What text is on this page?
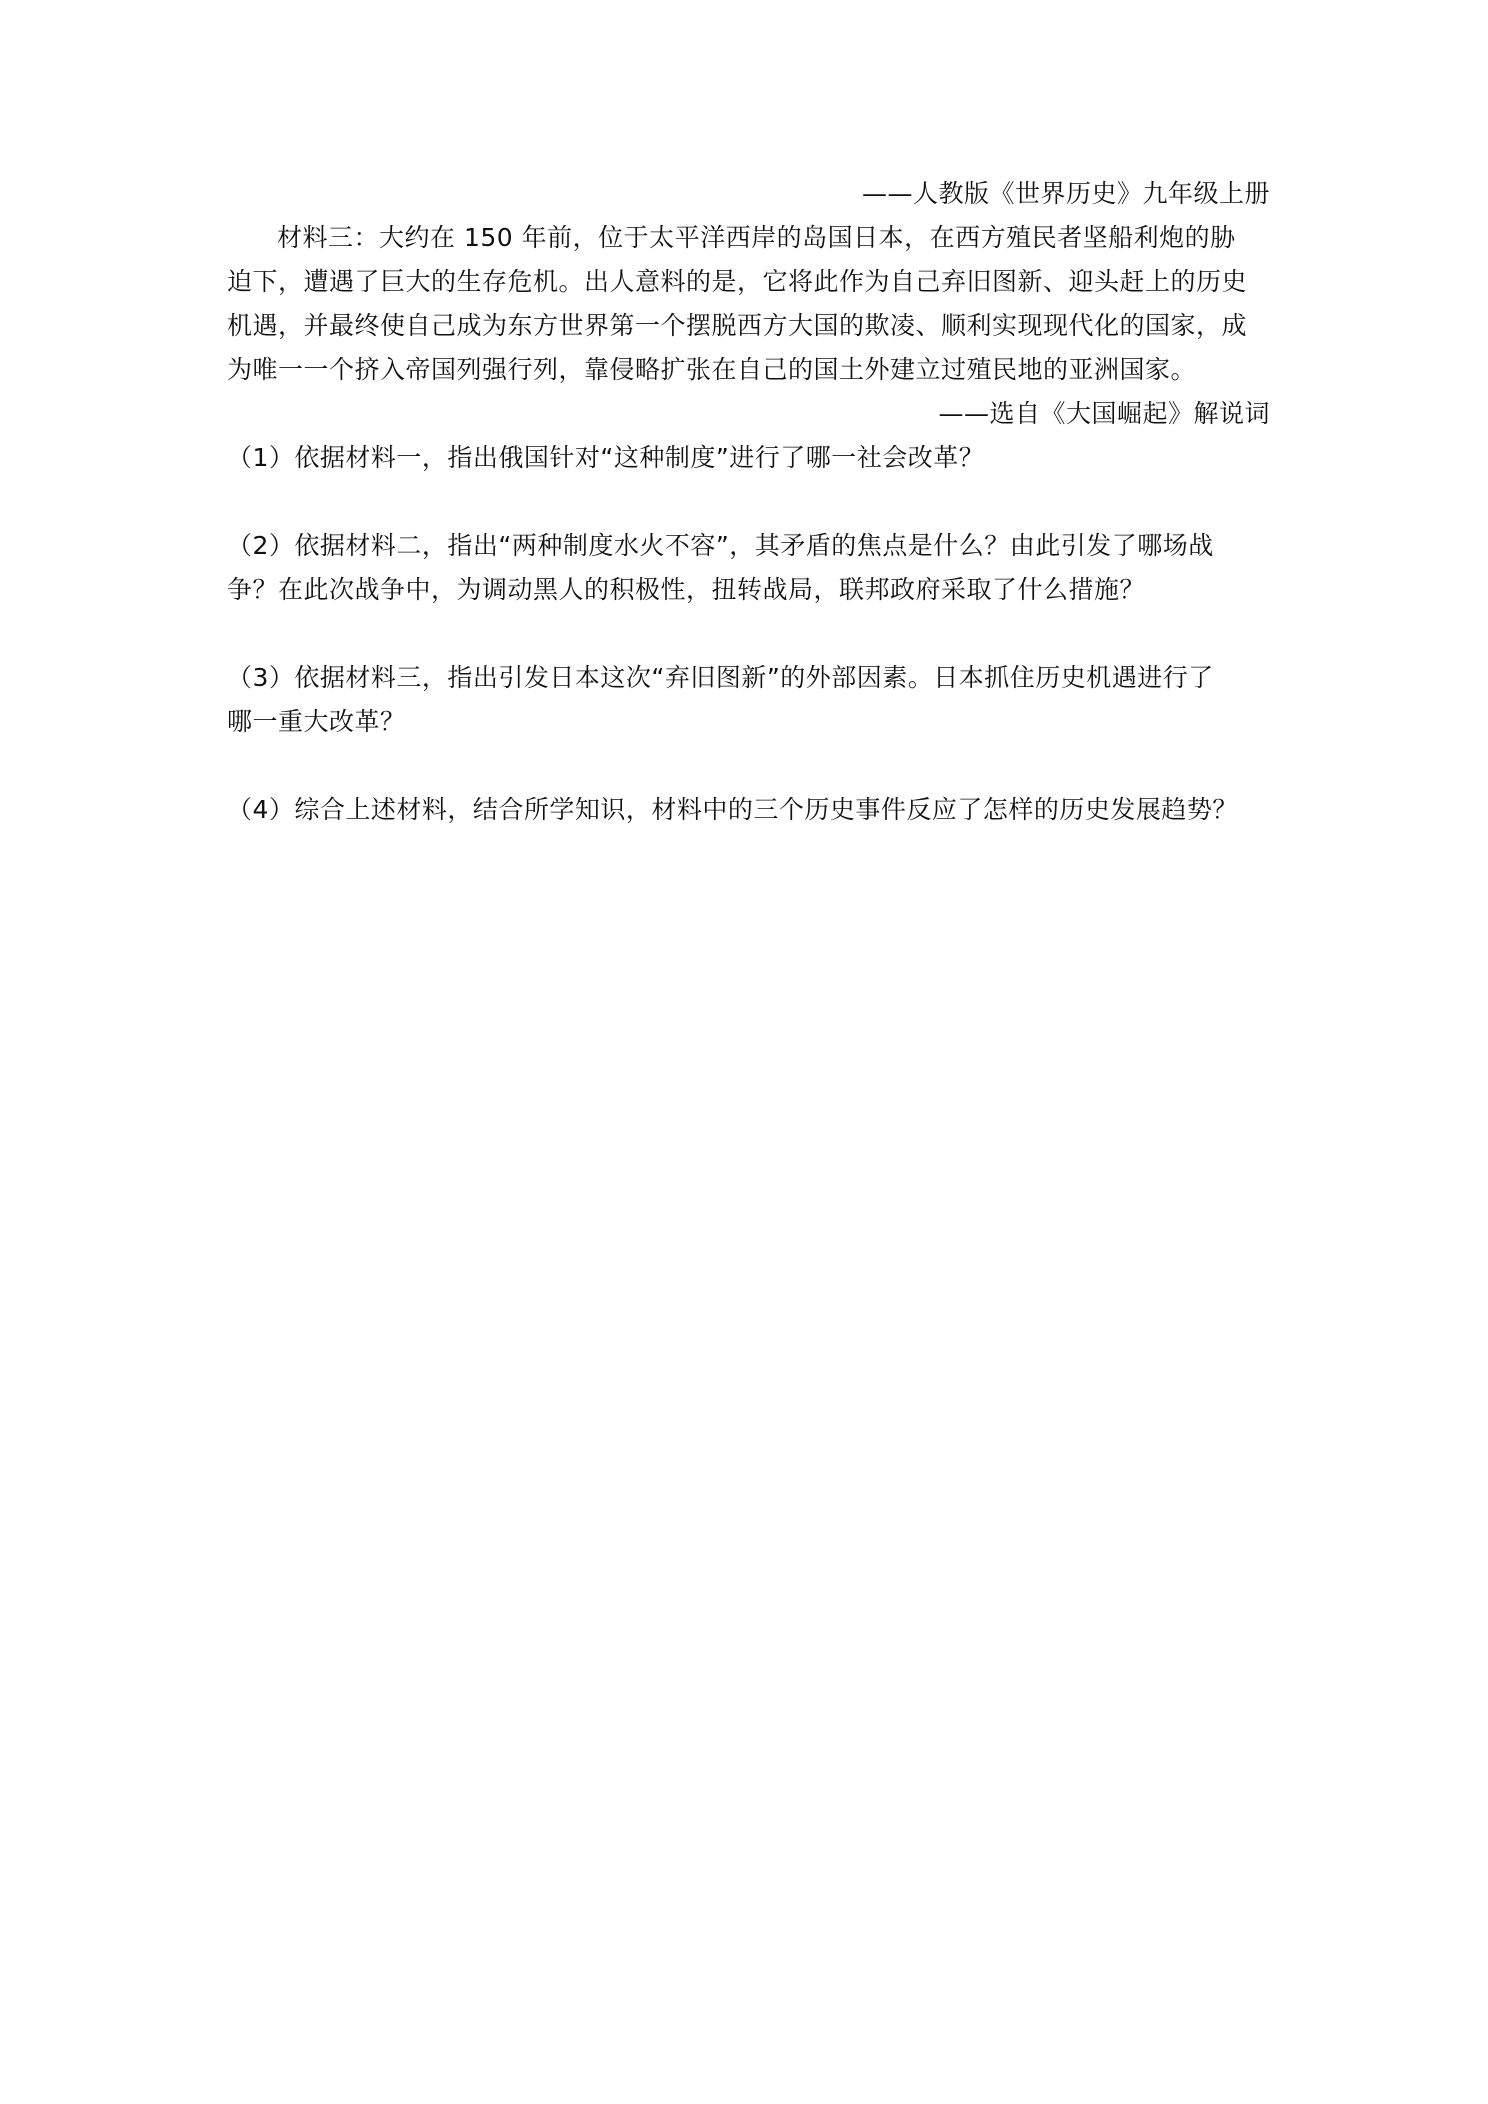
——人教版《世界历史》九年级上册
材料三：大约在 150 年前，位于太平洋西岸的岛国日本，在西方殖民者坚船利炮的胁
迫下，遭遇了巨大的生存危机。出人意料的是，它将此作为自己弃旧图新、迎头赶上的历史
机遇，并最终使自己成为东方世界第一个摆脱西方大国的欺凌、顺利实现现代化的国家，成
为唯一一个挤入帝国列强行列，靠侵略扩张在自己的国土外建立过殖民地的亚洲国家。
——选自《大国崛起》解说词
（1）依据材料一，指出俄国针对“这种制度”进行了哪一社会改革？
（2）依据材料二，指出“两种制度水火不容”，其矛盾的焦点是什么？由此引发了哪场战
争？在此次战争中，为调动黑人的积极性，扭转战局，联邦政府采取了什么措施？
（3）依据材料三，指出引发日本这次“弃旧图新”的外部因素。日本抓住历史机遇进行了
哪一重大改革？
（4）综合上述材料，结合所学知识，材料中的三个历史事件反应了怎样的历史发展趋势？
